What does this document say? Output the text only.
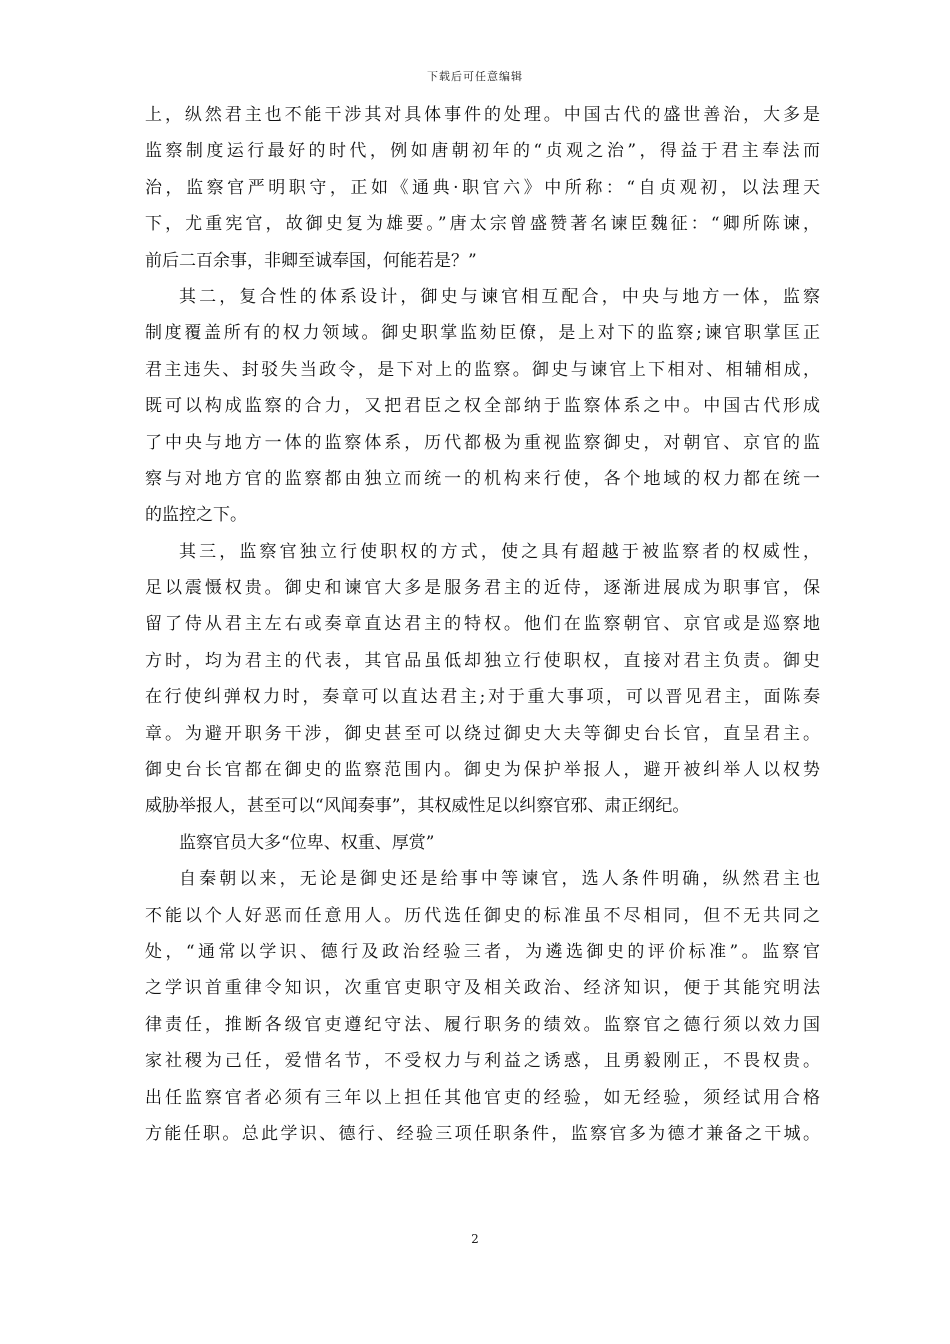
下载后可任意编辑
上，纵然君主也不能干涉其对具体事件的处理。中国古代的盛世善治，大多是
监察制度运行最好的时代，例如唐朝初年的“贞观之治”，得益于君主奉法而
治，监察官严明职守，正如《通典·职官六》中所称：“自贞观初，以法理天
下，尤重宪官，故御史复为雄要。”唐太宗曾盛赞著名谏臣魏征：“卿所陈谏，
前后二百余事，非卿至诚奉国，何能若是？”
其二，复合性的体系设计，御史与谏官相互配合，中央与地方一体，监察
制度覆盖所有的权力领域。御史职掌监劾臣僚，是上对下的监察;谏官职掌匡正
君主违失、封驳失当政令，是下对上的监察。御史与谏官上下相对、相辅相成，
既可以构成监察的合力，又把君臣之权全部纳于监察体系之中。中国古代形成
了中央与地方一体的监察体系，历代都极为重视监察御史，对朝官、京官的监
察与对地方官的监察都由独立而统一的机构来行使，各个地域的权力都在统一
的监控之下。
其三，监察官独立行使职权的方式，使之具有超越于被监察者的权威性，
足以震慑权贵。御史和谏官大多是服务君主的近侍，逐渐进展成为职事官，保
留了侍从君主左右或奏章直达君主的特权。他们在监察朝官、京官或是巡察地
方时，均为君主的代表，其官品虽低却独立行使职权，直接对君主负责。御史
在行使纠弹权力时，奏章可以直达君主;对于重大事项，可以晋见君主，面陈奏
章。为避开职务干涉，御史甚至可以绕过御史大夫等御史台长官，直呈君主。
御史台长官都在御史的监察范围内。御史为保护举报人，避开被纠举人以权势
威胁举报人，甚至可以“风闻奏事”，其权威性足以纠察官邪、肃正纲纪。
监察官员大多“位卑、权重、厚赏”
自秦朝以来，无论是御史还是给事中等谏官，选人条件明确，纵然君主也
不能以个人好恶而任意用人。历代选任御史的标准虽不尽相同，但不无共同之
处，“通常以学识、德行及政治经验三者，为遴选御史的评价标准”。监察官
之学识首重律令知识，次重官吏职守及相关政治、经济知识，便于其能究明法
律责任，推断各级官吏遵纪守法、履行职务的绩效。监察官之德行须以效力国
家社稷为己任，爱惜名节，不受权力与利益之诱惑，且勇毅刚正，不畏权贵。
出任监察官者必须有三年以上担任其他官吏的经验，如无经验，须经试用合格
方能任职。总此学识、德行、经验三项任职条件，监察官多为德才兼备之干城。
2
